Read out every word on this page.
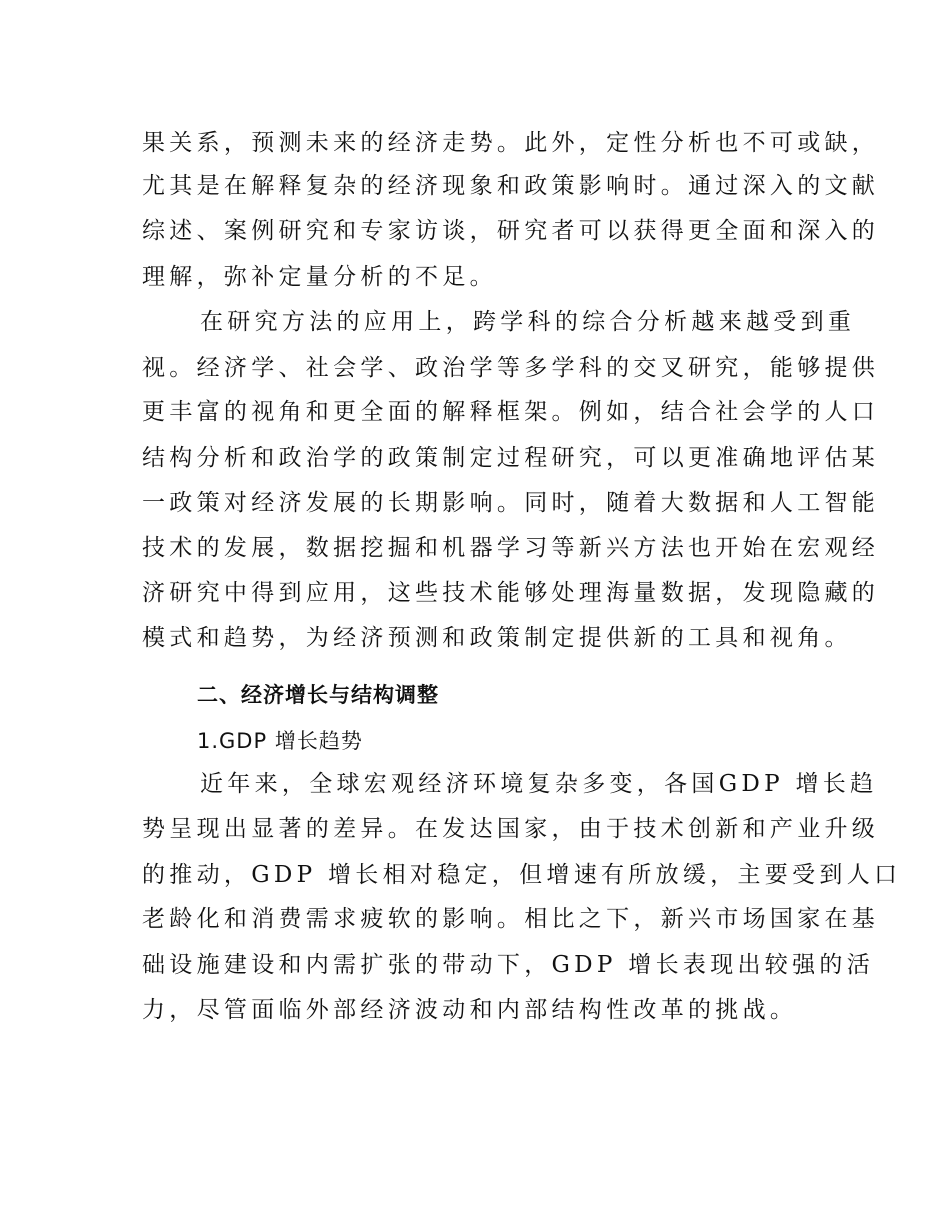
果关系，预测未来的经济走势。此外，定性分析也不可或缺，
尤其是在解释复杂的经济现象和政策影响时。通过深入的文献
综述、案例研究和专家访谈，研究者可以获得更全面和深入的
理解，弥补定量分析的不足。
在研究方法的应用上，跨学科的综合分析越来越受到重
视。经济学、社会学、政治学等多学科的交叉研究，能够提供
更丰富的视角和更全面的解释框架。例如，结合社会学的人口
结构分析和政治学的政策制定过程研究，可以更准确地评估某
一政策对经济发展的长期影响。同时，随着大数据和人工智能
技术的发展，数据挖掘和机器学习等新兴方法也开始在宏观经
济研究中得到应用，这些技术能够处理海量数据，发现隐藏的
模式和趋势，为经济预测和政策制定提供新的工具和视角。
二、经济增长与结构调整
1.GDP 增长趋势
近年来，全球宏观经济环境复杂多变，各国GDP 增长趋
势呈现出显著的差异。在发达国家，由于技术创新和产业升级
的推动，GDP 增长相对稳定，但增速有所放缓，主要受到人口
老龄化和消费需求疲软的影响。相比之下，新兴市场国家在基
础设施建设和内需扩张的带动下，GDP 增长表现出较强的活
力，尽管面临外部经济波动和内部结构性改革的挑战。
